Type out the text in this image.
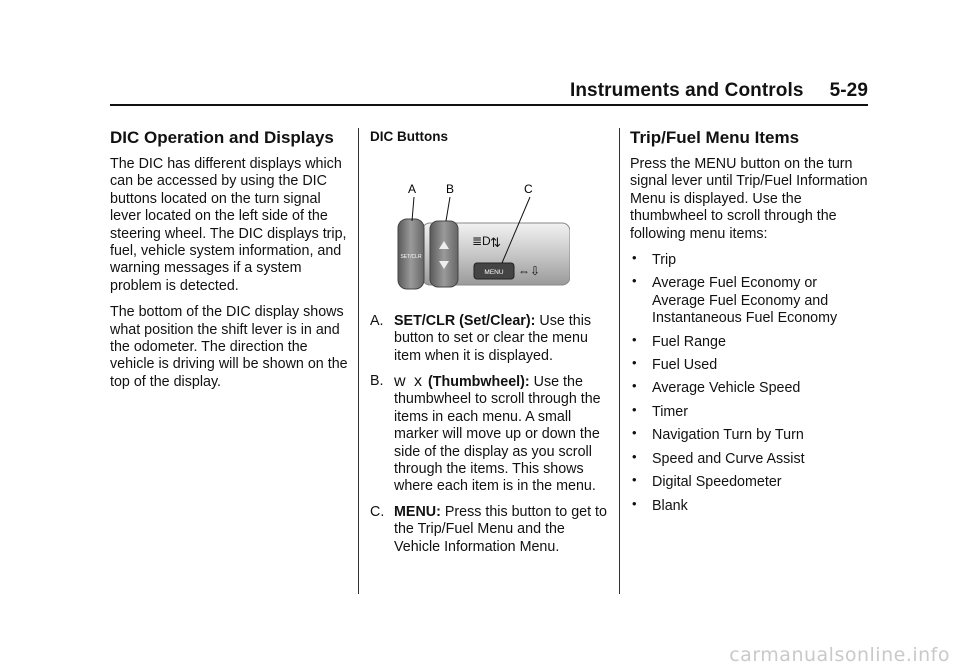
Instruments and Controls 5-29
DIC Operation and Displays

The DIC has different displays which can be accessed by using the DIC buttons located on the turn signal lever located on the left side of the steering wheel. The DIC displays trip, fuel, vehicle system information, and warning messages if a system problem is detected.

The bottom of the DIC display shows what position the shift lever is in and the odometer. The direction the vehicle is driving will be shown on the top of the display.

DIC Buttons
SET/CLR
MENU
≣D ⇅
⇔⇩
A B	C
A. SET/CLR (Set/Clear): Use this button to set or clear the menu item when it is displayed.
B. w x (Thumbwheel): Use the thumbwheel to scroll through the items in each menu. A small marker will move up or down the side of the display as you scroll through the items. This shows where each item is in the menu.
C. MENU: Press this button to get to the Trip/Fuel Menu and the Vehicle Information Menu.
Trip/Fuel Menu Items

Press the MENU button on the turn signal lever until Trip/Fuel Information Menu is displayed. Use the thumbwheel to scroll through the following menu items:

• Trip
• Average Fuel Economy or Average Fuel Economy and Instantaneous Fuel Economy
• Fuel Range
• Fuel Used
• Average Vehicle Speed
• Timer
• Navigation Turn by Turn
• Speed and Curve Assist
• Digital Speedometer
• Blank
carmanualsonline.info
